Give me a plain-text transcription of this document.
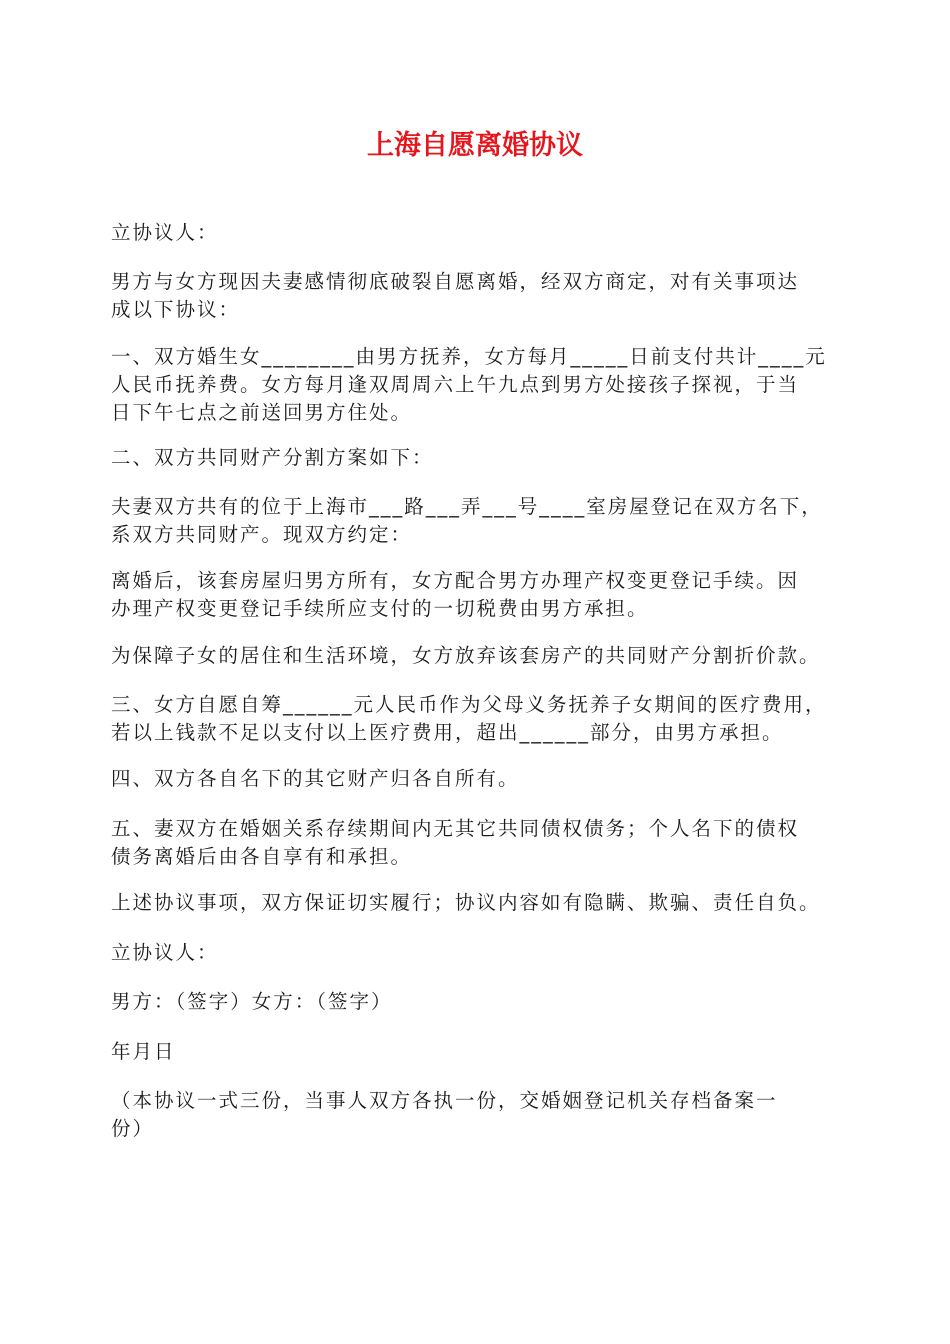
上海自愿离婚协议

立协议人：

男方与女方现因夫妻感情彻底破裂自愿离婚，经双方商定，对有关事项达
成以下协议：

一、双方婚生女________由男方抚养，女方每月_____日前支付共计____元
人民币抚养费。女方每月逢双周周六上午九点到男方处接孩子探视，于当
日下午七点之前送回男方住处。

二、双方共同财产分割方案如下：

夫妻双方共有的位于上海市___路___弄___号____室房屋登记在双方名下，
系双方共同财产。现双方约定：

离婚后，该套房屋归男方所有，女方配合男方办理产权变更登记手续。因
办理产权变更登记手续所应支付的一切税费由男方承担。

为保障子女的居住和生活环境，女方放弃该套房产的共同财产分割折价款。

三、女方自愿自筹______元人民币作为父母义务抚养子女期间的医疗费用，
若以上钱款不足以支付以上医疗费用，超出______部分，由男方承担。

四、双方各自名下的其它财产归各自所有。

五、妻双方在婚姻关系存续期间内无其它共同债权债务；个人名下的债权
债务离婚后由各自享有和承担。

上述协议事项，双方保证切实履行；协议内容如有隐瞒、欺骗、责任自负。

立协议人：

男方：（签字）女方：（签字）

年月日

（本协议一式三份，当事人双方各执一份，交婚姻登记机关存档备案一
份）
